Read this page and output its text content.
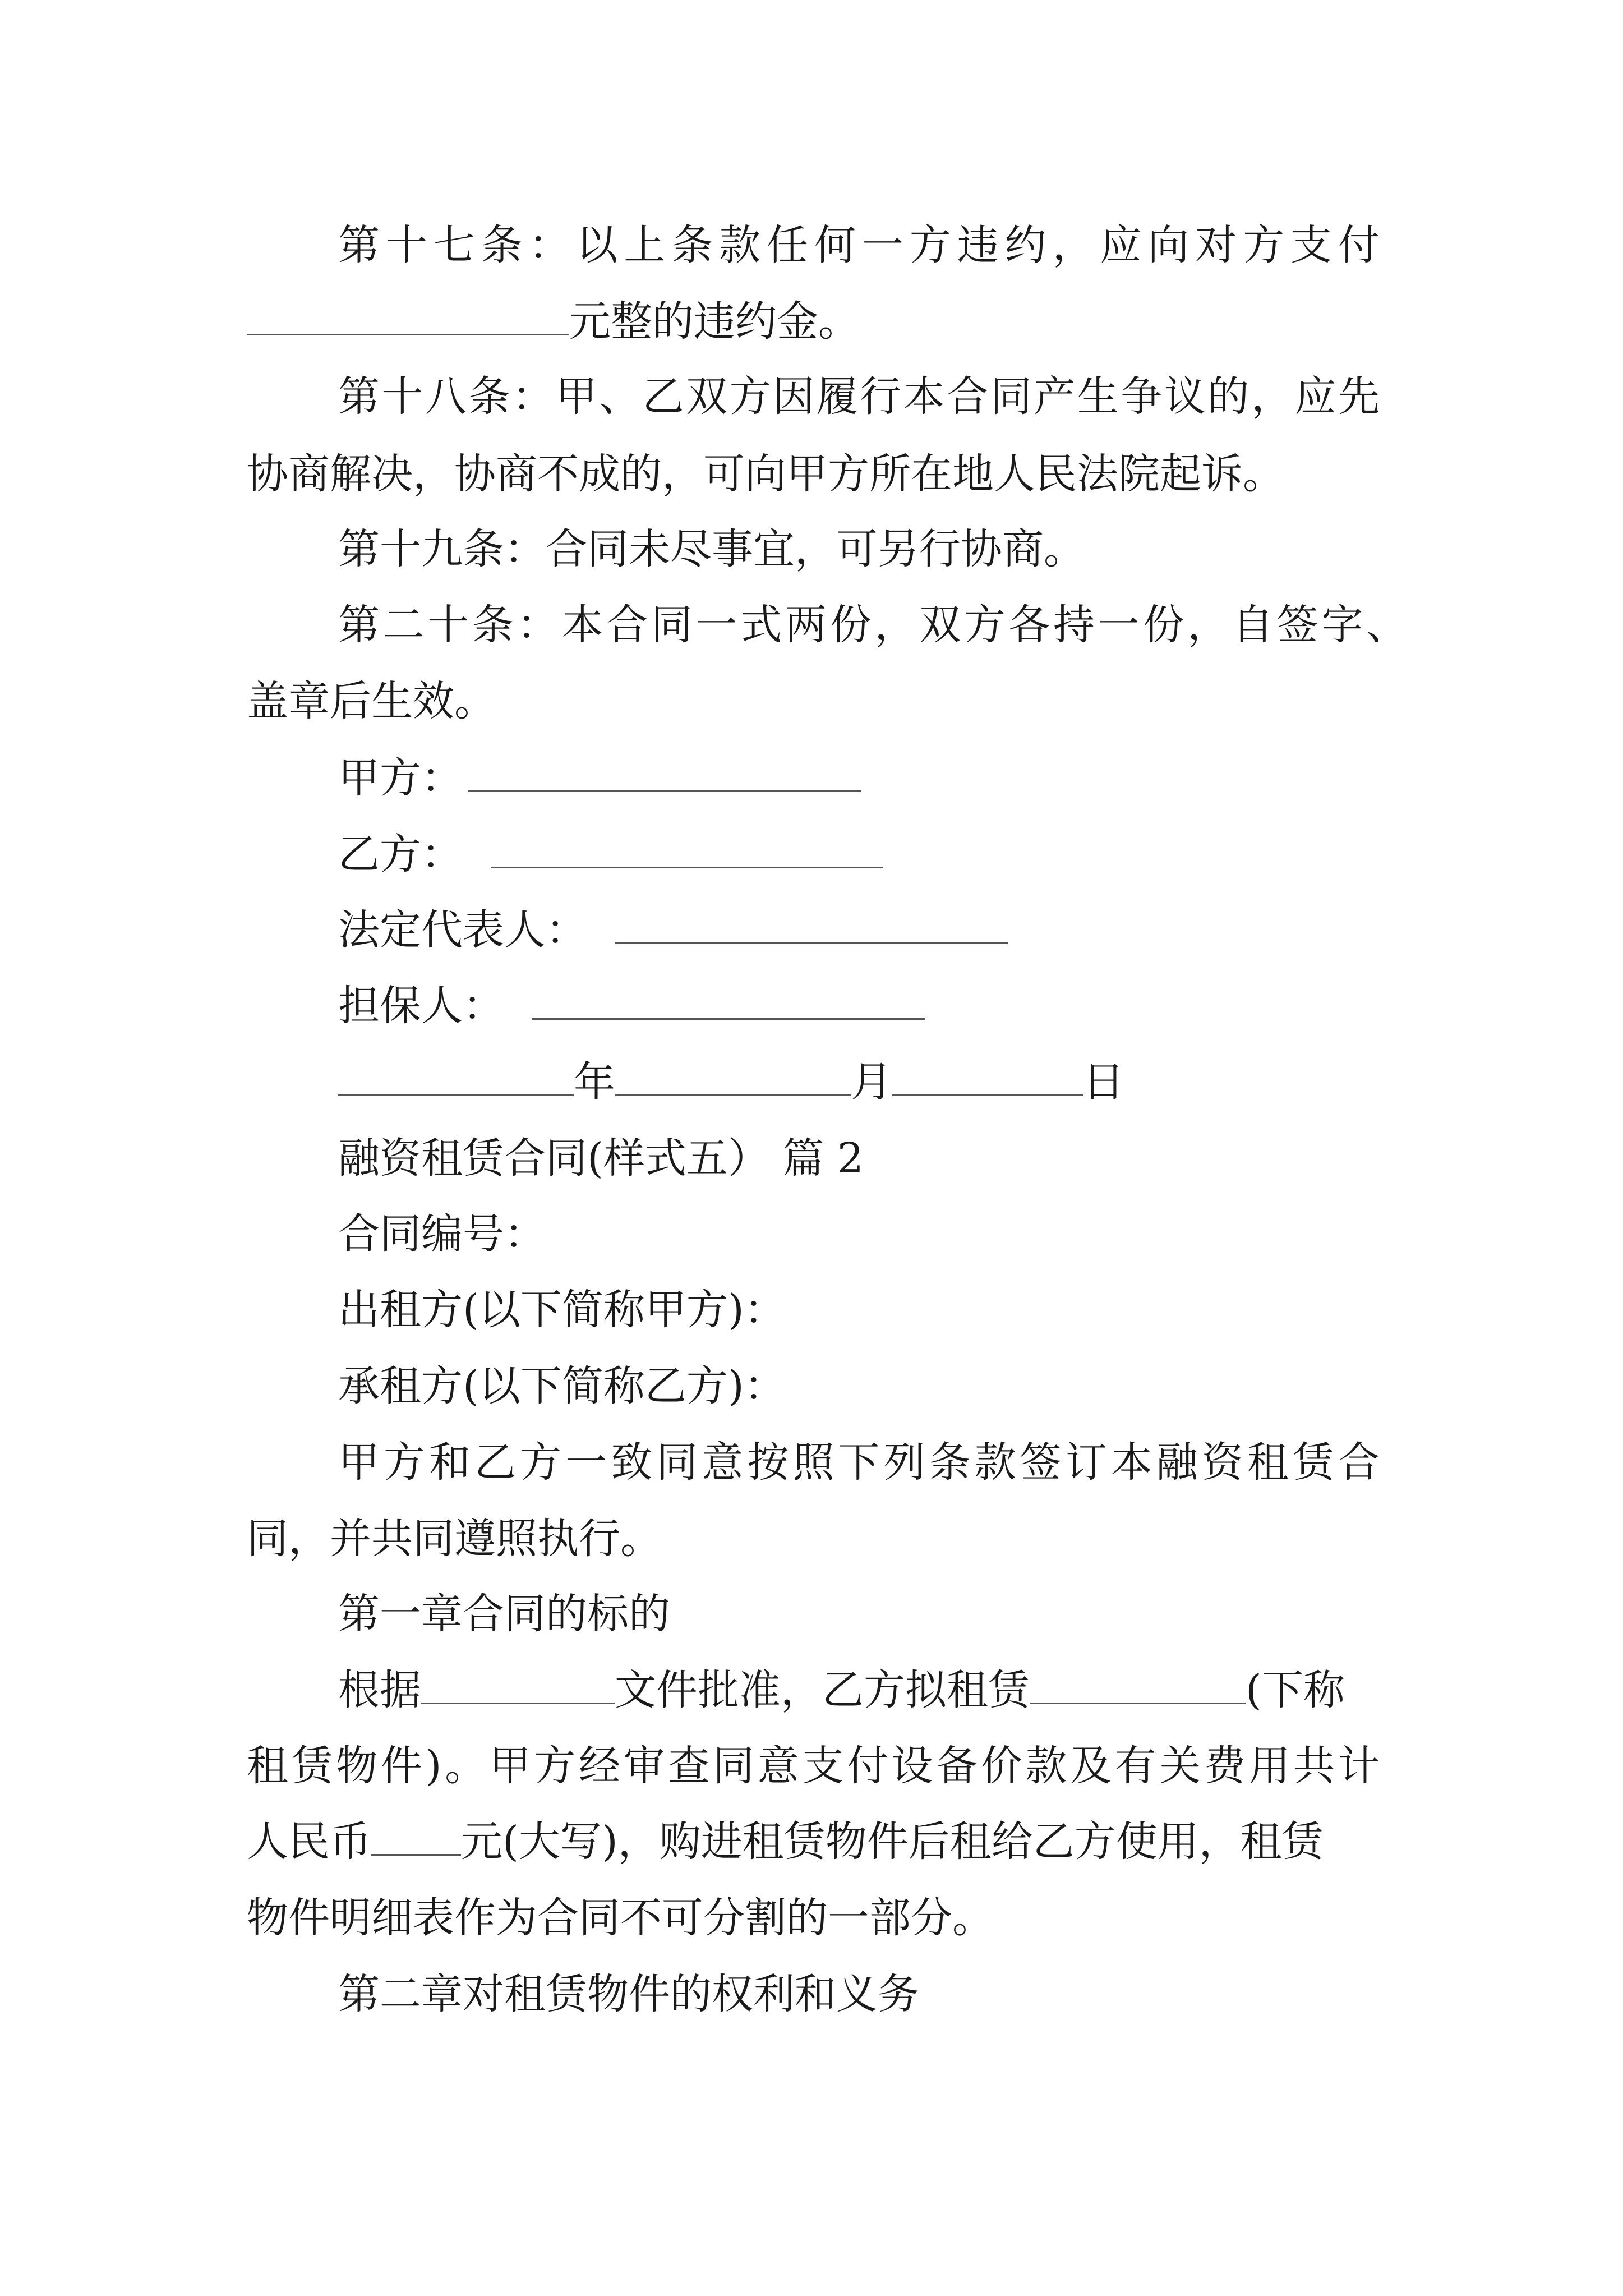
第十七条：以上条款任何一方违约，应向对方支付
元整的违约金。
第十八条：甲、乙双方因履行本合同产生争议的，应先
协商解决，协商不成的，可向甲方所在地人民法院起诉。
第十九条：合同未尽事宜，可另行协商。
第二十条：本合同一式两份，双方各持一份，自签字、
盖章后生效。
甲方：
乙方：
法定代表人：
担保人：
年	月	日
融资租赁合同(样式五） 篇 2
合同编号：
出租方(以下简称甲方)：
承租方(以下简称乙方)：
甲方和乙方一致同意按照下列条款签订本融资租赁合
同，并共同遵照执行。
第一章合同的标的
根据	文件批准，乙方拟租赁	(下称
租赁物件)。甲方经审查同意支付设备价款及有关费用共计
人民币 元(大写)，购进租赁物件后租给乙方使用，租赁
物件明细表作为合同不可分割的一部分。
第二章对租赁物件的权利和义务
